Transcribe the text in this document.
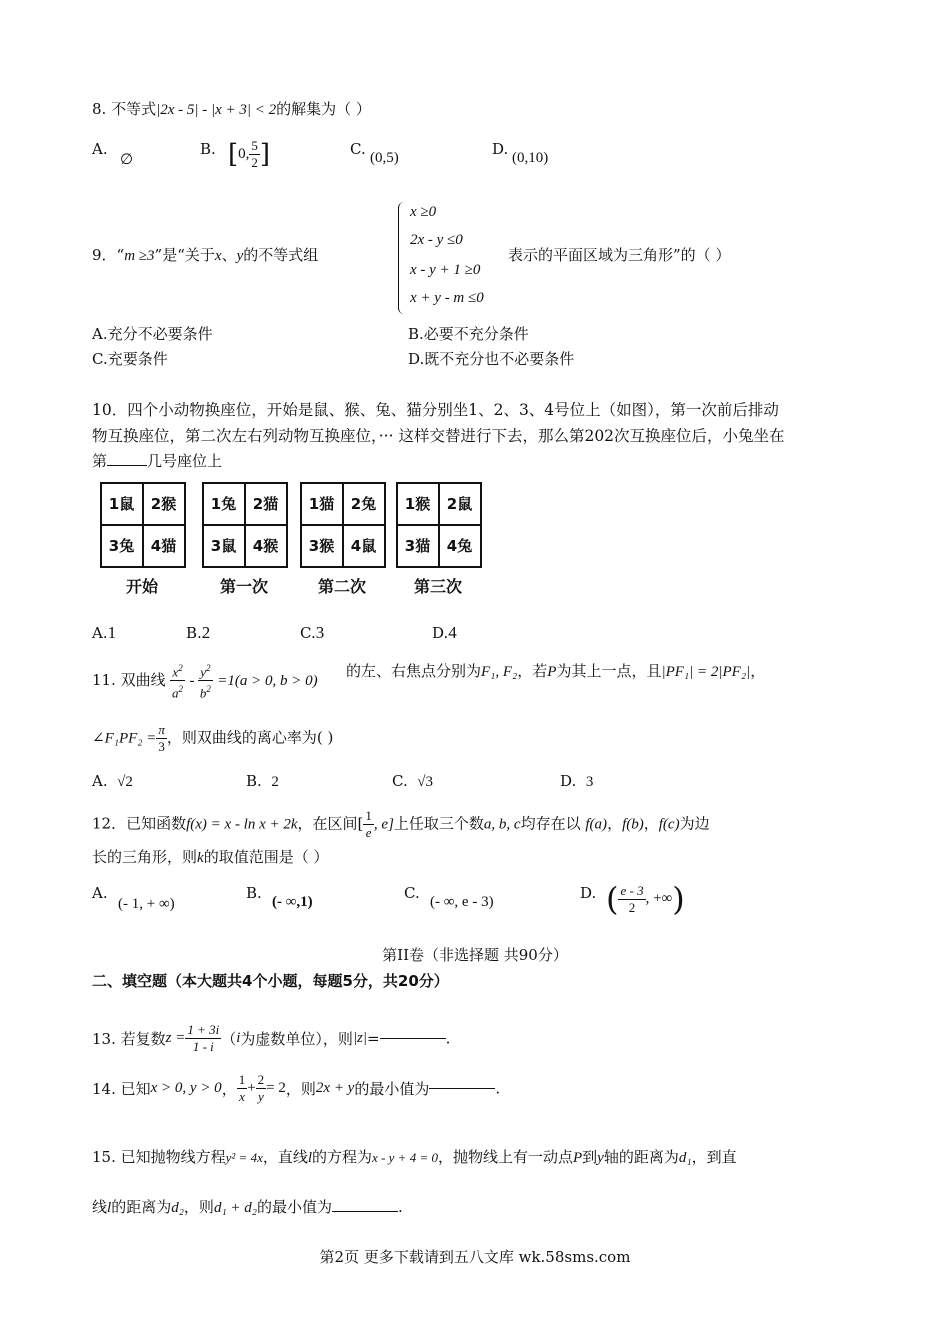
8. 不等式|2x - 5| - |x + 3| < 2的解集为（ ）
A.
∅
B. [0, $\frac{5}{2}$ ]	C. (0,5)	D. (0,10)
9．“m ≥3”是“关于x、y的不等式组
x ≥0
2x - y ≤0
x - y + 1 ≥0
x + y - m ≤0
表示的平面区域为三角形”的（ ）
A.充分不必要条件	B.必要不充分条件
C.充要条件	D.既不充分也不必要条件
10．四个小动物换座位，开始是鼠、猴、兔、猫分别坐1、2、3、4号位上（如图），第一次前后排动
物互换座位，第二次左右列动物互换座位，··· 这样交替进行下去，那么第202次互换座位后，小兔坐在
第	几号座位上
1鼠	2猴
3兔	4猫
开始
1兔	2猫
3鼠	4猴
第一次
1猫	2兔
3猴	4鼠
第二次
1猴	2鼠
3猫	4兔
第三次
A.1	B.2	C.3	D.4
11. 双曲线 $\frac{x^2}{a^2} - \frac{y^2}{b^2} =1(a > 0$, b > 0)
的左、右焦点分别为F₁, F₂，若P为其上一点，且|PF₁| = 2|PF₂|，
∠F₁PF₂ = $\frac{\pi}{3}$ ，则双曲线的离心率为( )
A. √2	B. 2	C. √3	D. 3
12．已知函数f(x) = x - ln x + 2k，在区间[ $\frac{1}{e}$ , e]上任取三个数a, b, c均存在以 f(a)，f(b)，f(c)为边
长的三角形，则k的取值范围是（ ）
A.
(- 1, + ∞)
B. (- ∞,1)	C. (- ∞, e - 3)	D. ( $\frac{e - 3}{2}$ , +∞)
第II卷（非选择题 共90分）
二、填空题（本大题共4个小题，每题5分，共20分）
13. 若复数$z = \frac{1 + 3i}{1 - i} (i$为虚数单位），则|z|=	.
14. 已知x > 0, y > 0， $\frac{1}{x} + \frac{2}{y} = 2$，则2x + y的最小值为	.
15. 已知抛物线方程y² = 4x，直线l的方程为x - y + 4 = 0，抛物线上有一动点P到y轴的距离为d₁，到直
线l的距离为d₂，则d₁ + d₂的最小值为	.
第2页 更多下载请到五八文库 wk.58sms.com
